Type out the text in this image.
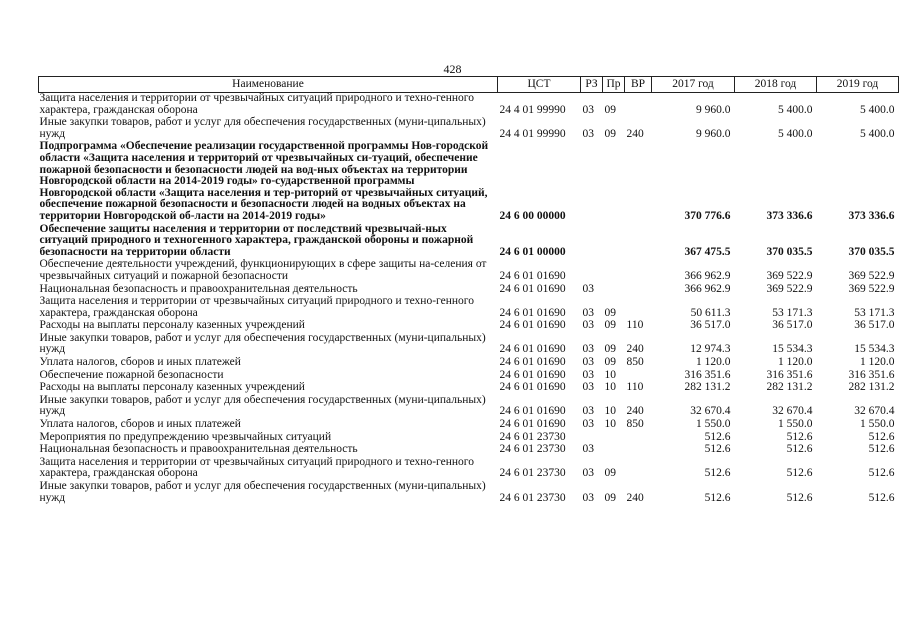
428
Наименование	ЦСТ	РЗ	Пр	ВР	2017 год	2018 год	2019 год
Защита населения и территории от чрезвычайных ситуаций природного и техно-генного характера, гражданская оборона	24 4 01 99990	03	09		9 960.0	5 400.0	5 400.0
Иные закупки товаров, работ и услуг для обеспечения государственных (муни-ципальных) нужд	24 4 01 99990	03	09	240	9 960.0	5 400.0	5 400.0
Подпрограмма «Обеспечение реализации государственной программы Нов-городской области «Защита населения и территорий от чрезвычайных си-туаций, обеспечение пожарной безопасности и безопасности людей на вод-ных объектах на территории Новгородской области на 2014-2019 годы» го-сударственной программы Новгородской области «Защита населения и тер-риторий от чрезвычайных ситуаций, обеспечение пожарной безопасности и безопасности людей на водных объектах на территории Новгородской об-ласти на 2014-2019 годы»	24 6 00 00000				370 776.6	373 336.6	373 336.6
Обеспечение защиты населения и территории от последствий чрезвычай-ных ситуаций природного и техногенного характера, гражданской обороны и пожарной безопасности на территории области	24 6 01 00000				367 475.5	370 035.5	370 035.5
Обеспечение деятельности учреждений, функционирующих в сфере защиты на-селения от чрезвычайных ситуаций и пожарной безопасности	24 6 01 01690				366 962.9	369 522.9	369 522.9
Национальная безопасность и правоохранительная деятельность	24 6 01 01690	03			366 962.9	369 522.9	369 522.9
Защита населения и территории от чрезвычайных ситуаций природного и техно-генного характера, гражданская оборона	24 6 01 01690	03	09		50 611.3	53 171.3	53 171.3
Расходы на выплаты персоналу казенных учреждений	24 6 01 01690	03	09	110	36 517.0	36 517.0	36 517.0
Иные закупки товаров, работ и услуг для обеспечения государственных (муни-ципальных) нужд	24 6 01 01690	03	09	240	12 974.3	15 534.3	15 534.3
Уплата налогов, сборов и иных платежей	24 6 01 01690	03	09	850	1 120.0	1 120.0	1 120.0
Обеспечение пожарной безопасности	24 6 01 01690	03	10		316 351.6	316 351.6	316 351.6
Расходы на выплаты персоналу казенных учреждений	24 6 01 01690	03	10	110	282 131.2	282 131.2	282 131.2
Иные закупки товаров, работ и услуг для обеспечения государственных (муни-ципальных) нужд	24 6 01 01690	03	10	240	32 670.4	32 670.4	32 670.4
Уплата налогов, сборов и иных платежей	24 6 01 01690	03	10	850	1 550.0	1 550.0	1 550.0
Мероприятия по предупреждению чрезвычайных ситуаций	24 6 01 23730				512.6	512.6	512.6
Национальная безопасность и правоохранительная деятельность	24 6 01 23730	03			512.6	512.6	512.6
Защита населения и территории от чрезвычайных ситуаций природного и техно-генного характера, гражданская оборона	24 6 01 23730	03	09		512.6	512.6	512.6
Иные закупки товаров, работ и услуг для обеспечения государственных (муни-ципальных) нужд	24 6 01 23730	03	09	240	512.6	512.6	512.6
